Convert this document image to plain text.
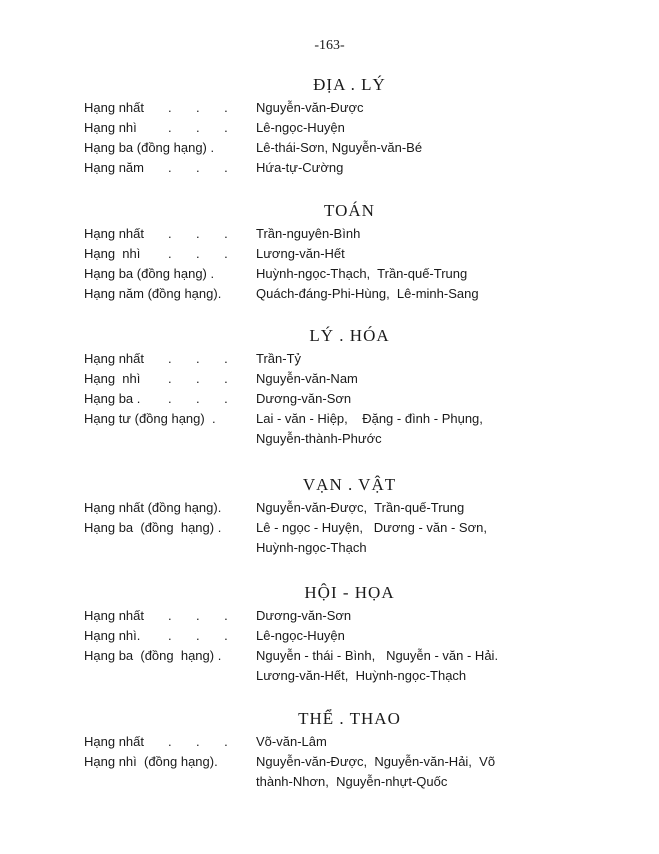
-163-
ĐỊA . LÝ
Hạng nhất .    .    . Nguyễn-văn-Được
Hạng nhì .    .    . Lê-ngọc-Huyện
Hạng ba (đồng hạng) .	Lê-thái-Sơn, Nguyễn-văn-Bé
Hạng năm .    .    . Hứa-tự-Cường
TOÁN
Hạng nhất .    .    . Trần-nguyên-Bình
Hạng  nhì .    .    . Lương-văn-Hết
Hạng ba (đồng hạng) .	Huỳnh-ngọc-Thạch,  Trần-quế-Trung
Hạng năm (đồng hạng).	Quách-đáng-Phi-Hùng,  Lê-minh-Sang
LÝ . HÓA
Hạng nhất .    .    . Trần-Tỷ
Hạng  nhì .    .    . Nguyễn-văn-Nam
Hạng ba . .    .    . Dương-văn-Sơn
Hạng tư (đồng hạng)  .	Lai - văn - Hiệp,    Đặng - đình - Phụng,
Nguyễn-thành-Phước
VẠN . VẬT
Hạng nhất (đồng hạng).	Nguyễn-văn-Được,  Trần-quế-Trung
Hạng ba  (đồng  hạng) .	Lê - ngọc - Huyện,   Dương - văn - Sơn,
Huỳnh-ngọc-Thạch
HỘI - HỌA
Hạng nhất .    .    . Dương-văn-Sơn
Hạng nhì. .    .    . Lê-ngọc-Huyện
Hạng ba  (đồng  hạng) .	Nguyễn - thái - Bình,   Nguyễn - văn - Hải.
Lương-văn-Hết,  Huỳnh-ngọc-Thạch
THỂ . THAO
Hạng nhất .    .    . Võ-văn-Lâm
Hạng nhì  (đồng hạng).	Nguyễn-văn-Được,  Nguyễn-văn-Hải,  Võ
thành-Nhơn,  Nguyễn-nhựt-Quốc
